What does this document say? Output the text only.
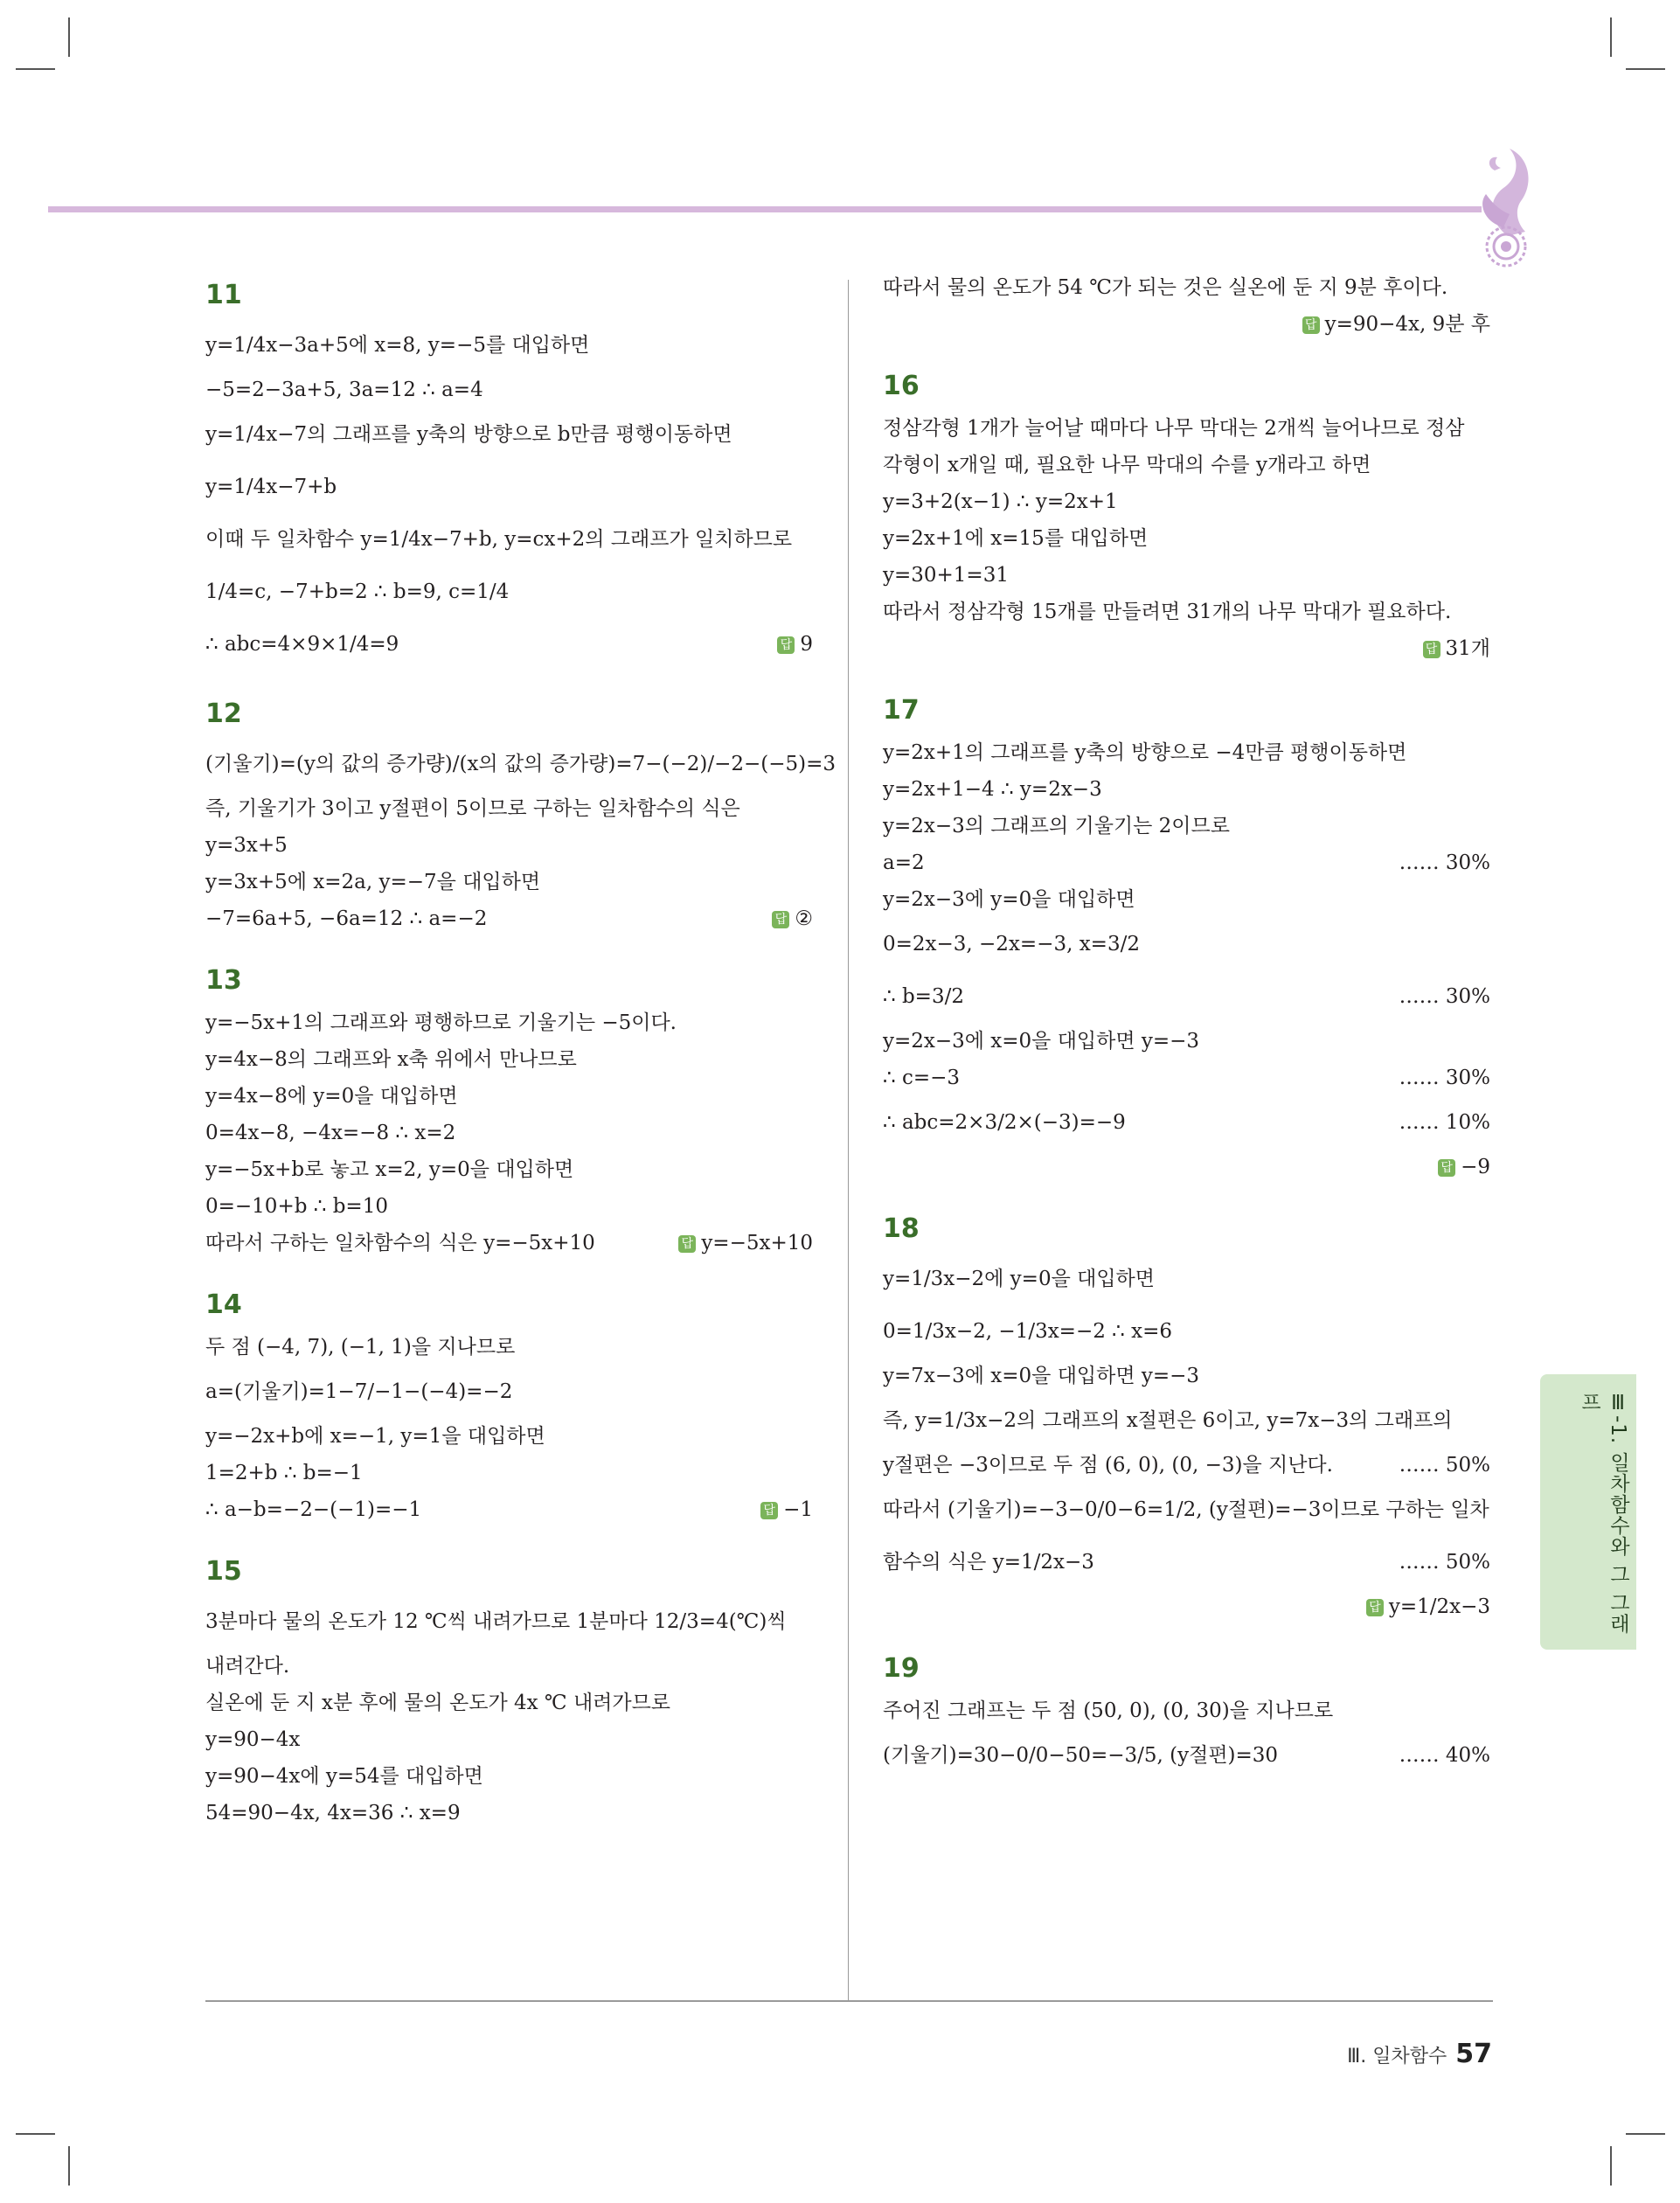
11
y=1/4x−3a+5에 x=8, y=−5를 대입하면
−5=2−3a+5, 3a=12 ∴ a=4
y=1/4x−7의 그래프를 y축의 방향으로 b만큼 평행이동하면
y=1/4x−7+b
이때 두 일차함수 y=1/4x−7+b, y=cx+2의 그래프가 일치하므로
1/4=c, −7+b=2 ∴ b=9, c=1/4
∴ abc=4×9×1/4=9	답 9
12
(기울기)=(y의 값의 증가량)/(x의 값의 증가량)=7−(−2)/−2−(−5)=3
즉, 기울기가 3이고 y절편이 5이므로 구하는 일차함수의 식은
y=3x+5
y=3x+5에 x=2a, y=−7을 대입하면
−7=6a+5, −6a=12 ∴ a=−2	답 ②
13
y=−5x+1의 그래프와 평행하므로 기울기는 −5이다.
y=4x−8의 그래프와 x축 위에서 만나므로
y=4x−8에 y=0을 대입하면
0=4x−8, −4x=−8 ∴ x=2
y=−5x+b로 놓고 x=2, y=0을 대입하면
0=−10+b ∴ b=10
따라서 구하는 일차함수의 식은 y=−5x+10	답 y=−5x+10
14
두 점 (−4, 7), (−1, 1)을 지나므로
a=(기울기)=1−7/−1−(−4)=−2
y=−2x+b에 x=−1, y=1을 대입하면
1=2+b ∴ b=−1
∴ a−b=−2−(−1)=−1	답 −1
15
3분마다 물의 온도가 12 ℃씩 내려가므로 1분마다 12/3=4(℃)씩
내려간다.
실온에 둔 지 x분 후에 물의 온도가 4x ℃ 내려가므로
y=90−4x
y=90−4x에 y=54를 대입하면
54=90−4x, 4x=36 ∴ x=9
따라서 물의 온도가 54 ℃가 되는 것은 실온에 둔 지 9분 후이다.
답 y=90−4x, 9분 후
16
정삼각형 1개가 늘어날 때마다 나무 막대는 2개씩 늘어나므로 정삼
각형이 x개일 때, 필요한 나무 막대의 수를 y개라고 하면
y=3+2(x−1) ∴ y=2x+1
y=2x+1에 x=15를 대입하면
y=30+1=31
따라서 정삼각형 15개를 만들려면 31개의 나무 막대가 필요하다.
답 31개
17
y=2x+1의 그래프를 y축의 방향으로 −4만큼 평행이동하면
y=2x+1−4 ∴ y=2x−3
y=2x−3의 그래프의 기울기는 2이므로
a=2	…… 30%
y=2x−3에 y=0을 대입하면
0=2x−3, −2x=−3, x=3/2
∴ b=3/2	…… 30%
y=2x−3에 x=0을 대입하면 y=−3
∴ c=−3	…… 30%
∴ abc=2×3/2×(−3)=−9	…… 10%
답 −9
18
y=1/3x−2에 y=0을 대입하면
0=1/3x−2, −1/3x=−2 ∴ x=6
y=7x−3에 x=0을 대입하면 y=−3
즉, y=1/3x−2의 그래프의 x절편은 6이고, y=7x−3의 그래프의
y절편은 −3이므로 두 점 (6, 0), (0, −3)을 지난다.	…… 50%
따라서 (기울기)=−3−0/0−6=1/2, (y절편)=−3이므로 구하는 일차
함수의 식은 y=1/2x−3	…… 50%
답 y=1/2x−3
19
주어진 그래프는 두 점 (50, 0), (0, 30)을 지나므로
(기울기)=30−0/0−50=−3/5, (y절편)=30	…… 40%
Ⅲ-1. 일차함수와 그 그래프
Ⅲ. 일차함수 57
